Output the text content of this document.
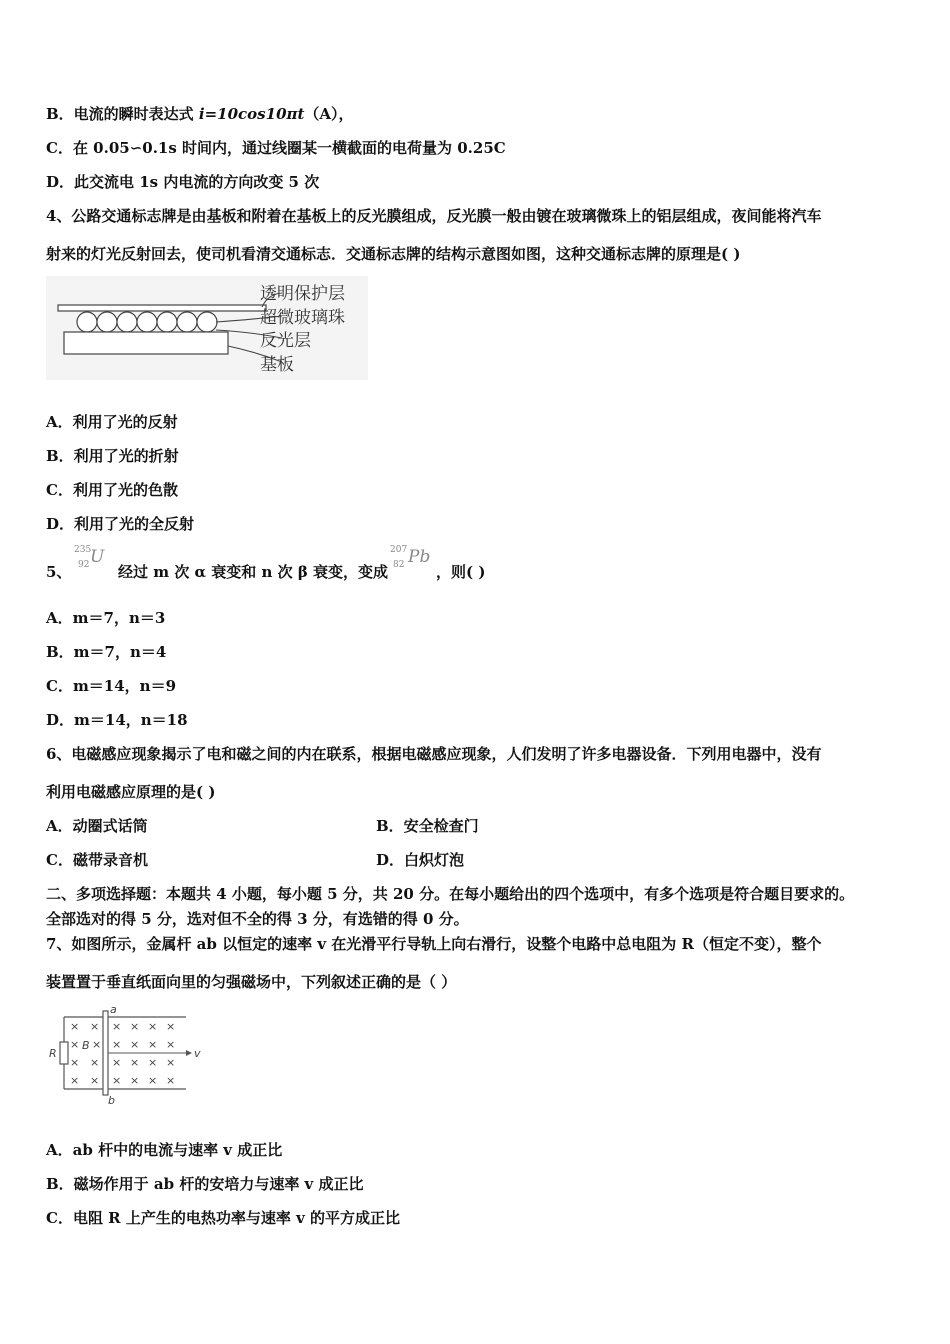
B．电流的瞬时表达式 i=10cos10πt（A），
C．在 0.05∽0.1s 时间内，通过线圈某一横截面的电荷量为 0.25C
D．此交流电 1s 内电流的方向改变 5 次
4、公路交通标志牌是由基板和附着在基板上的反光膜组成，反光膜一般由镀在玻璃微珠上的铝层组成，夜间能将汽车
射来的灯光反射回去，使司机看清交通标志．交通标志牌的结构示意图如图，这种交通标志牌的原理是( )
透明保护层
超微玻璃珠
反光层
基板
A．利用了光的反射
B．利用了光的折射
C．利用了光的色散
D．利用了光的全反射
5、
235
92 U
经过 m 次 α 衰变和 n 次 β 衰变，变成
207
82 Pb
，则( )
A．m＝7，n＝3
B．m＝7，n＝4
C．m＝14，n＝9
D．m＝14，n＝18
6、电磁感应现象揭示了电和磁之间的内在联系，根据电磁感应现象，人们发明了许多电器设备．下列用电器中，没有
利用电磁感应原理的是( )
A．动圈式话筒	B．安全检查门
C．磁带录音机	D．白炽灯泡
二、多项选择题：本题共 4 小题，每小题 5 分，共 20 分。在每小题给出的四个选项中，有多个选项是符合题目要求的。
全部选对的得 5 分，选对但不全的得 3 分，有选错的得 0 分。
7、如图所示，金属杆 ab 以恒定的速率 v 在光滑平行导轨上向右滑行，设整个电路中总电阻为 R（恒定不变），整个
装置置于垂直纸面向里的匀强磁场中，下列叙述正确的是（ ）
a
b
R
B
v
× × × × × ×
×	× × × ×
× × × × × ×
× × × × × ×
×
A．ab 杆中的电流与速率 v 成正比
B．磁场作用于 ab 杆的安培力与速率 v 成正比
C．电阻 R 上产生的电热功率与速率 v 的平方成正比
